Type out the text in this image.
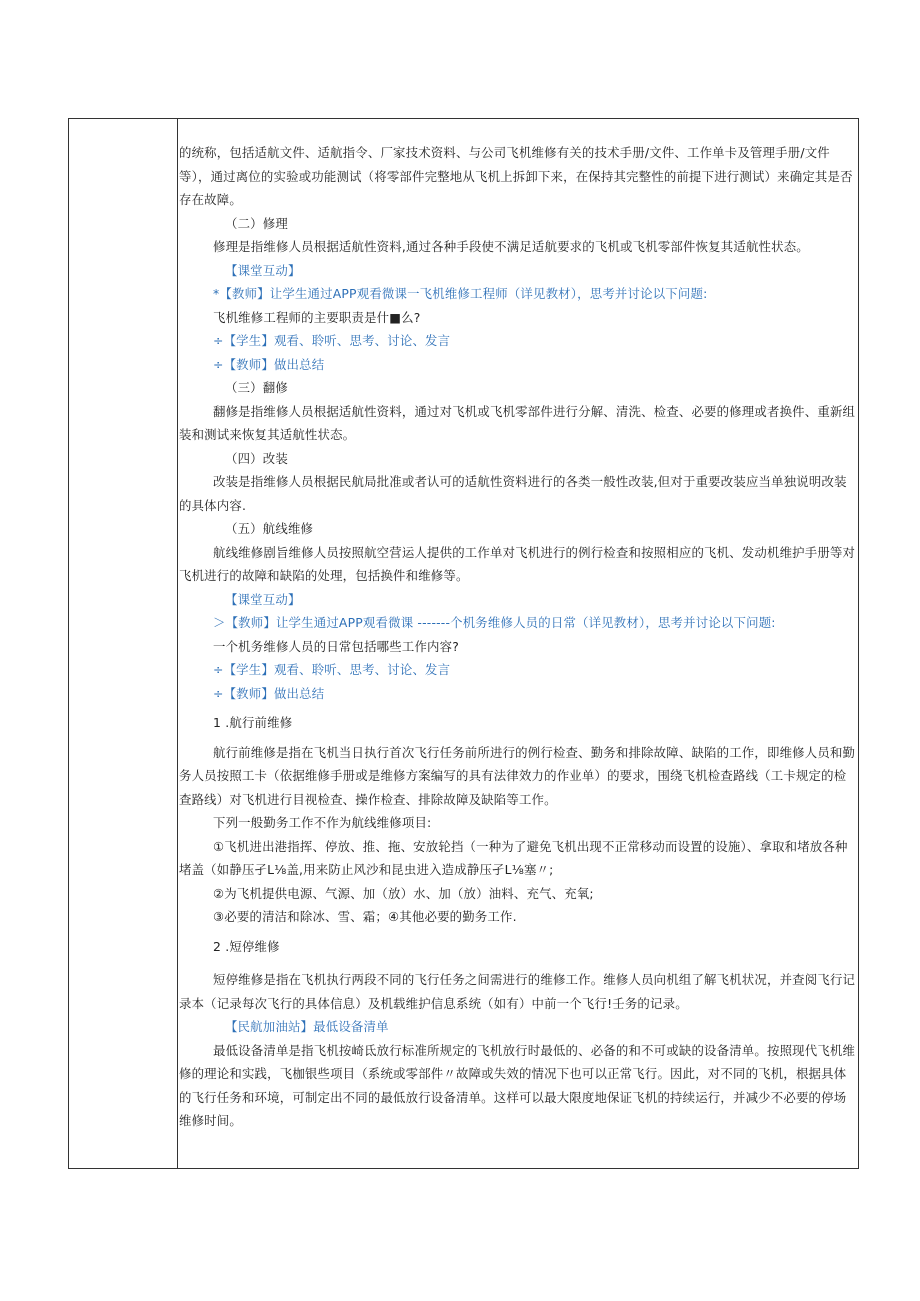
的统称，包括适航文件、适航指令、厂家技术资料、与公司飞机维修有关的技术手册/文件、工作单卡及管理手册/文件等），通过离位的实验或功能测试（将零部件完整地从飞机上拆卸下来，在保持其完整性的前提下进行测试）来确定其是否存在故障。

（二）修理

修理是指维修人员根据适航性资料,通过各种手段使不满足适航要求的飞机或飞机零部件恢复其适航性状态。

【课堂互动】

*【教师】让学生通过APP观看微课一飞机维修工程师（详见教材），思考并讨论以下问题:

飞机维修工程师的主要职责是什■么?

÷【学生】观看、聆听、思考、讨论、发言

÷【教师】做出总结

（三）翻修

翻修是指维修人员根据适航性资料，通过对飞机或飞机零部件进行分解、清洗、检查、必要的修理或者换件、重新组装和测试来恢复其适航性状态。

（四）改装

改装是指维修人员根据民航局批准或者认可的适航性资料进行的各类一般性改装,但对于重要改装应当单独说明改装的具体内容.

（五）航线维修

航线维修剧旨维修人员按照航空营运人提供的工作单对飞机进行的例行检查和按照相应的飞机、发动机维护手册等对飞机进行的故障和缺陷的处理，包括换件和维修等。

【课堂互动】

＞【教师】让学生通过APP观看微课 -------个机务维修人员的日常（详见教材），思考并讨论以下问题:

一个机务维修人员的日常包括哪些工作内容?

÷【学生】观看、聆听、思考、讨论、发言

÷【教师】做出总结

1 .航行前维修

航行前维修是指在飞机当日执行首次飞行任务前所进行的例行检查、勤务和排除故障、缺陷的工作，即维修人员和勤务人员按照工卡（依据维修手册或是维修方案编写的具有法律效力的作业单）的要求，围绕飞机检查路线（工卡规定的检查路线）对飞机进行目视检查、操作检查、排除故障及缺陷等工作。

下列一般勤务工作不作为航线维修项目:

①飞机进出港指挥、停放、推、拖、安放轮挡（一种为了避免飞机出现不正常移动而设置的设施）、拿取和堵放各种堵盖（如静压孑L⅛盖,用来防止风沙和昆虫进入造成静压孑L⅛塞〃;

②为飞机提供电源、气源、加（放）水、加（放）油料、充气、充氧;

③必要的清洁和除冰、雪、霜；④其他必要的勤务工作.

2 .短停维修

短停维修是指在飞机执行两段不同的飞行任务之间需进行的维修工作。维修人员向机组了解飞机状况，并查阅飞行记录本（记录每次飞行的具体信息）及机载维护信息系统（如有）中前一个飞行!壬务的记录。

【民航加油站】最低设备清单

最低设备清单是指飞机按崎氐放行标准所规定的飞机放行时最低的、必备的和不可或缺的设备清单。按照现代飞机维修的理论和实践，飞枷银些项目（系统或零部件〃故障或失效的情况下也可以正常飞行。因此，对不同的飞机，根据具体的飞行任务和环境，可制定出不同的最低放行设备清单。这样可以最大限度地保证飞机的持续运行，并减少不必要的停场维修时间。
